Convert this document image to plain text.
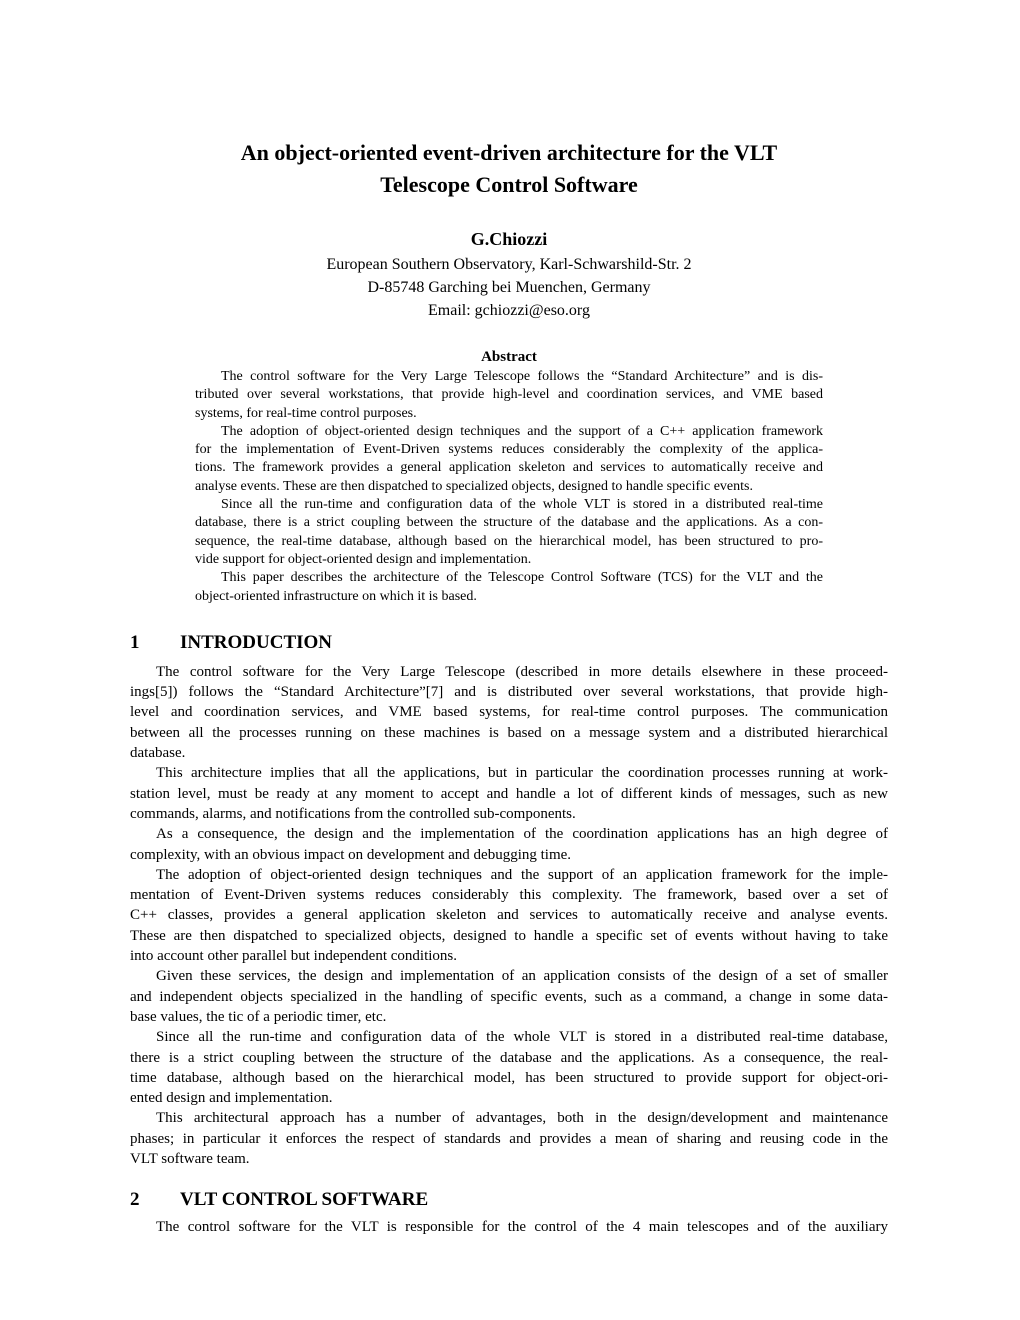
An object-oriented event-driven architecture for the VLT
Telescope Control Software
G.Chiozzi
European Southern Observatory, Karl-Schwarshild-Str. 2
D-85748 Garching bei Muenchen, Germany
Email: gchiozzi@eso.org
Abstract
The control software for the Very Large Telescope follows the “Standard Architecture” and is dis-
tributed over several workstations, that provide high-level and coordination services, and VME based
systems, for real-time control purposes.
The adoption of object-oriented design techniques and the support of a C++ application framework
for the implementation of Event-Driven systems reduces considerably the complexity of the applica-
tions. The framework provides a general application skeleton and services to automatically receive and
analyse events. These are then dispatched to specialized objects, designed to handle specific events.
Since all the run-time and configuration data of the whole VLT is stored in a distributed real-time
database, there is a strict coupling between the structure of the database and the applications. As a con-
sequence, the real-time database, although based on the hierarchical model, has been structured to pro-
vide support for object-oriented design and implementation.
This paper describes the architecture of the Telescope Control Software (TCS) for the VLT and the
object-oriented infrastructure on which it is based.
1	INTRODUCTION
The control software for the Very Large Telescope (described in more details elsewhere in these proceed-
ings[5]) follows the “Standard Architecture”[7] and is distributed over several workstations, that provide high-
level and coordination services, and VME based systems, for real-time control purposes. The communication
between all the processes running on these machines is based on a message system and a distributed hierarchical
database.
This architecture implies that all the applications, but in particular the coordination processes running at work-
station level, must be ready at any moment to accept and handle a lot of different kinds of messages, such as new
commands, alarms, and notifications from the controlled sub-components.
As a consequence, the design and the implementation of the coordination applications has an high degree of
complexity, with an obvious impact on development and debugging time.
The adoption of object-oriented design techniques and the support of an application framework for the imple-
mentation of Event-Driven systems reduces considerably this complexity. The framework, based over a set of
C++ classes, provides a general application skeleton and services to automatically receive and analyse events.
These are then dispatched to specialized objects, designed to handle a specific set of events without having to take
into account other parallel but independent conditions.
Given these services, the design and implementation of an application consists of the design of a set of smaller
and independent objects specialized in the handling of specific events, such as a command, a change in some data-
base values, the tic of a periodic timer, etc.
Since all the run-time and configuration data of the whole VLT is stored in a distributed real-time database,
there is a strict coupling between the structure of the database and the applications. As a consequence, the real-
time database, although based on the hierarchical model, has been structured to provide support for object-ori-
ented design and implementation.
This architectural approach has a number of advantages, both in the design/development and maintenance
phases; in particular it enforces the respect of standards and provides a mean of sharing and reusing code in the
VLT software team.
2	VLT CONTROL SOFTWARE
The control software for the VLT is responsible for the control of the 4 main telescopes and of the auxiliary
